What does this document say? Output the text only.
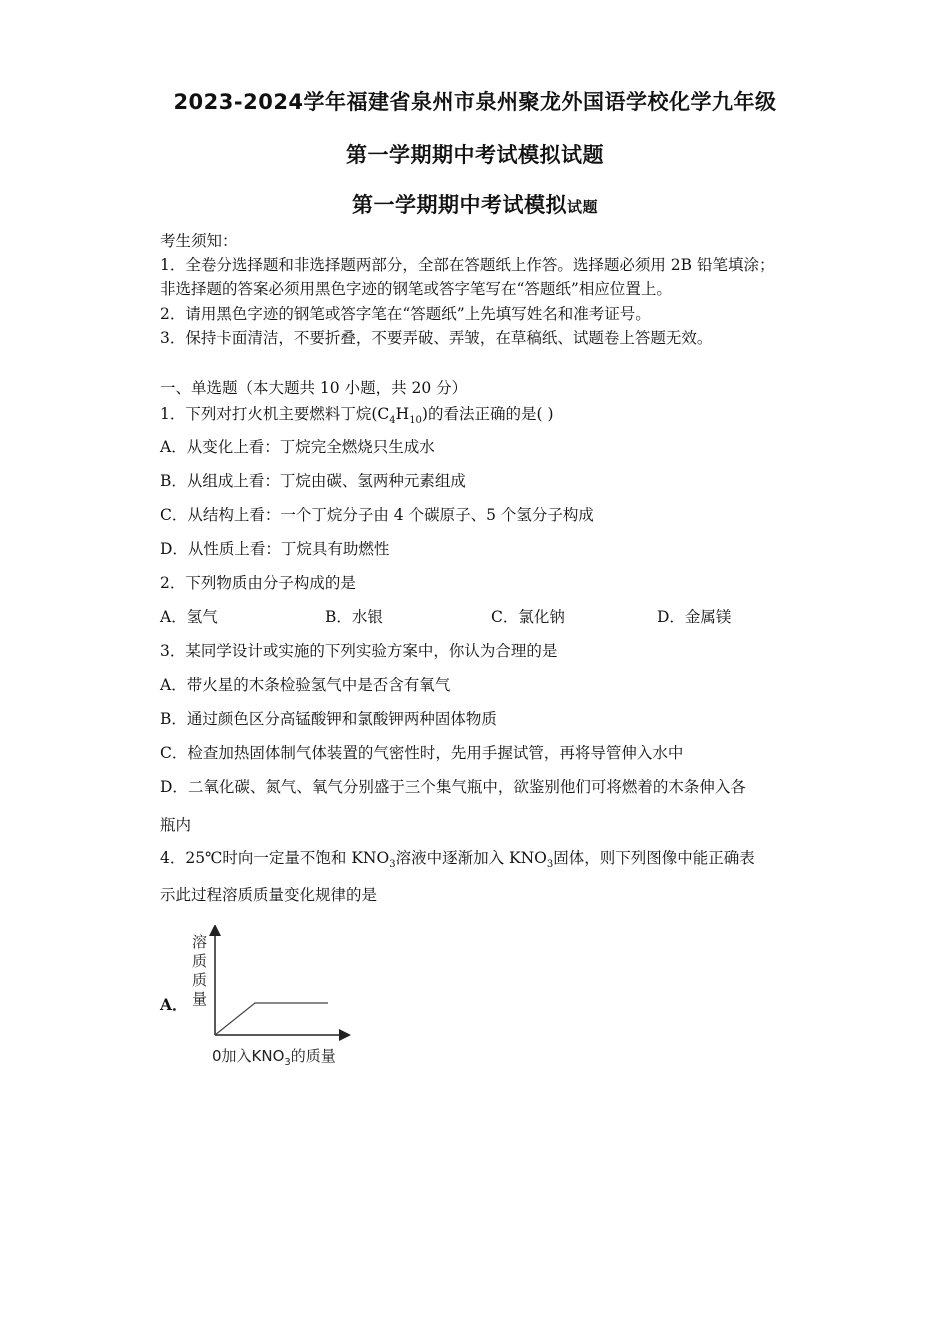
2023-2024学年福建省泉州市泉州聚龙外国语学校化学九年级
第一学期期中考试模拟试题
第一学期期中考试模拟试题
考生须知：
1．全卷分选择题和非选择题两部分，全部在答题纸上作答。选择题必须用 2B 铅笔填涂；
非选择题的答案必须用黑色字迹的钢笔或答字笔写在“答题纸”相应位置上。
2．请用黑色字迹的钢笔或答字笔在“答题纸”上先填写姓名和准考证号。
3．保持卡面清洁，不要折叠，不要弄破、弄皱，在草稿纸、试题卷上答题无效。
一、单选题（本大题共 10 小题，共 20 分）
1．下列对打火机主要燃料丁烷$(C_4H_{10})$的看法正确的是( )
A．从变化上看：丁烷完全燃烧只生成水
B．从组成上看：丁烷由碳、氢两种元素组成
C．从结构上看：一个丁烷分子由 4 个碳原子、5 个氢分子构成
D．从性质上看：丁烷具有助燃性
2．下列物质由分子构成的是
A．氢气	B．水银	C．氯化钠	D．金属镁
3．某同学设计或实施的下列实验方案中，你认为合理的是
A．带火星的木条检验氢气中是否含有氧气
B．通过颜色区分高锰酸钾和氯酸钾两种固体物质
C．检查加热固体制气体装置的气密性时，先用手握试管，再将导管伸入水中
D．二氧化碳、氮气、氧气分别盛于三个集气瓶中，欲鉴别他们可将燃着的木条伸入各
瓶内
4．25℃时向一定量不饱和 $KNO_3$溶液中逐渐加入 $KNO_3$固体，则下列图像中能正确表
示此过程溶质质量变化规律的是
A．
溶质质量
0加入$KNO_3$的质量
